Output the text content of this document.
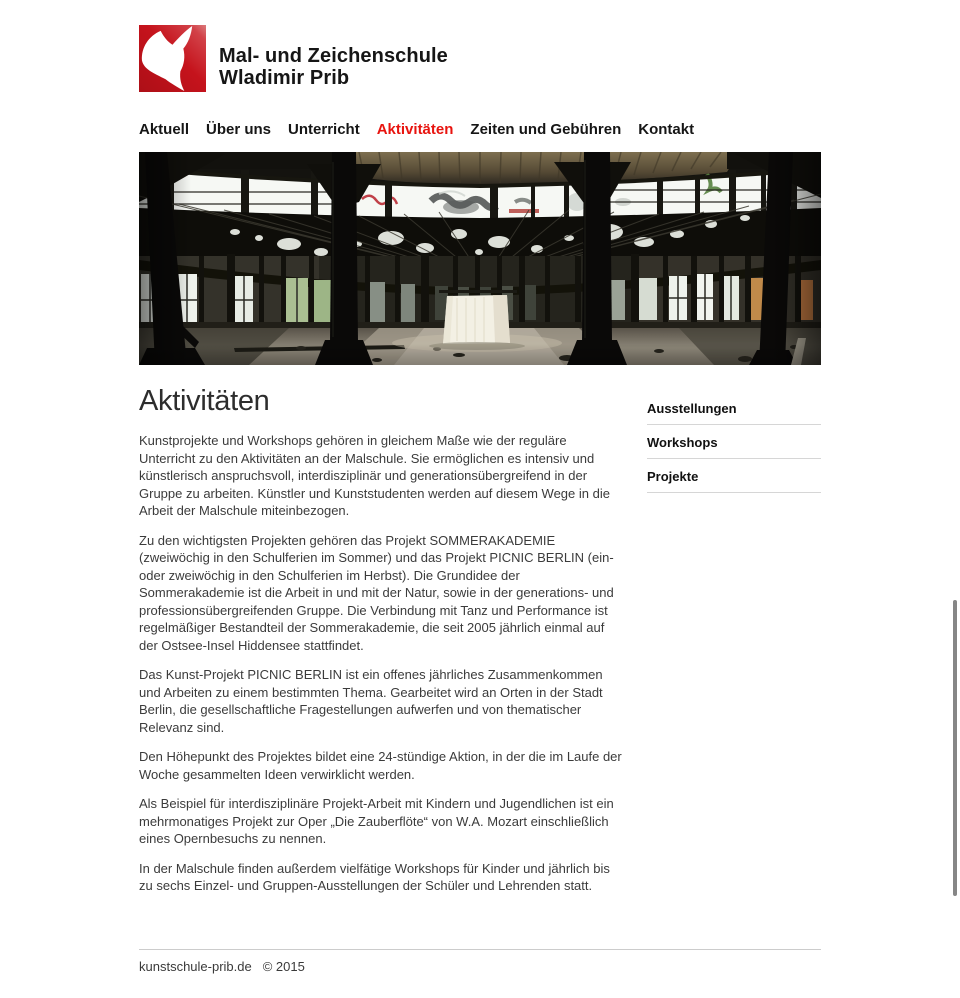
Mal- und Zeichenschule
Wladimir Prib
Aktuell Über uns Unterricht Aktivitäten Zeiten und Gebühren Kontakt
Aktivitäten

Kunstprojekte und Workshops gehören in gleichem Maße wie der reguläre Unterricht zu den Aktivitäten an der Malschule. Sie ermöglichen es intensiv und künstlerisch anspruchsvoll, interdisziplinär und generationsübergreifend in der Gruppe zu arbeiten. Künstler und Kunststudenten werden auf diesem Wege in die Arbeit der Malschule miteinbezogen.

Zu den wichtigsten Projekten gehören das Projekt SOMMERAKADEMIE (zweiwöchig in den Schulferien im Sommer) und das Projekt PICNIC BERLIN (ein- oder zweiwöchig in den Schulferien im Herbst). Die Grundidee der Sommerakademie ist die Arbeit in und mit der Natur, sowie in der generations- und professionsübergreifenden Gruppe. Die Verbindung mit Tanz und Performance ist regelmäßiger Bestandteil der Sommerakademie, die seit 2005 jährlich einmal auf der Ostsee-Insel Hiddensee stattfindet.

Das Kunst-Projekt PICNIC BERLIN ist ein offenes jährliches Zusammenkommen und Arbeiten zu einem bestimmten Thema. Gearbeitet wird an Orten in der Stadt Berlin, die gesellschaftliche Fragestellungen aufwerfen und von thematischer Relevanz sind.

Den Höhepunkt des Projektes bildet eine 24-stündige Aktion, in der die im Laufe der Woche gesammelten Ideen verwirklicht werden.

Als Beispiel für interdisziplinäre Projekt-Arbeit mit Kindern und Jugendlichen ist ein mehrmonatiges Projekt zur Oper „Die Zauberflöte“ von W.A. Mozart einschließlich eines Opernbesuchs zu nennen.

In der Malschule finden außerdem vielfätige Workshops für Kinder und jährlich bis zu sechs Einzel- und Gruppen-Ausstellungen der Schüler und Lehrenden statt.

Ausstellungen
Workshops
Projekte
kunstschule-prib.de © 2015
